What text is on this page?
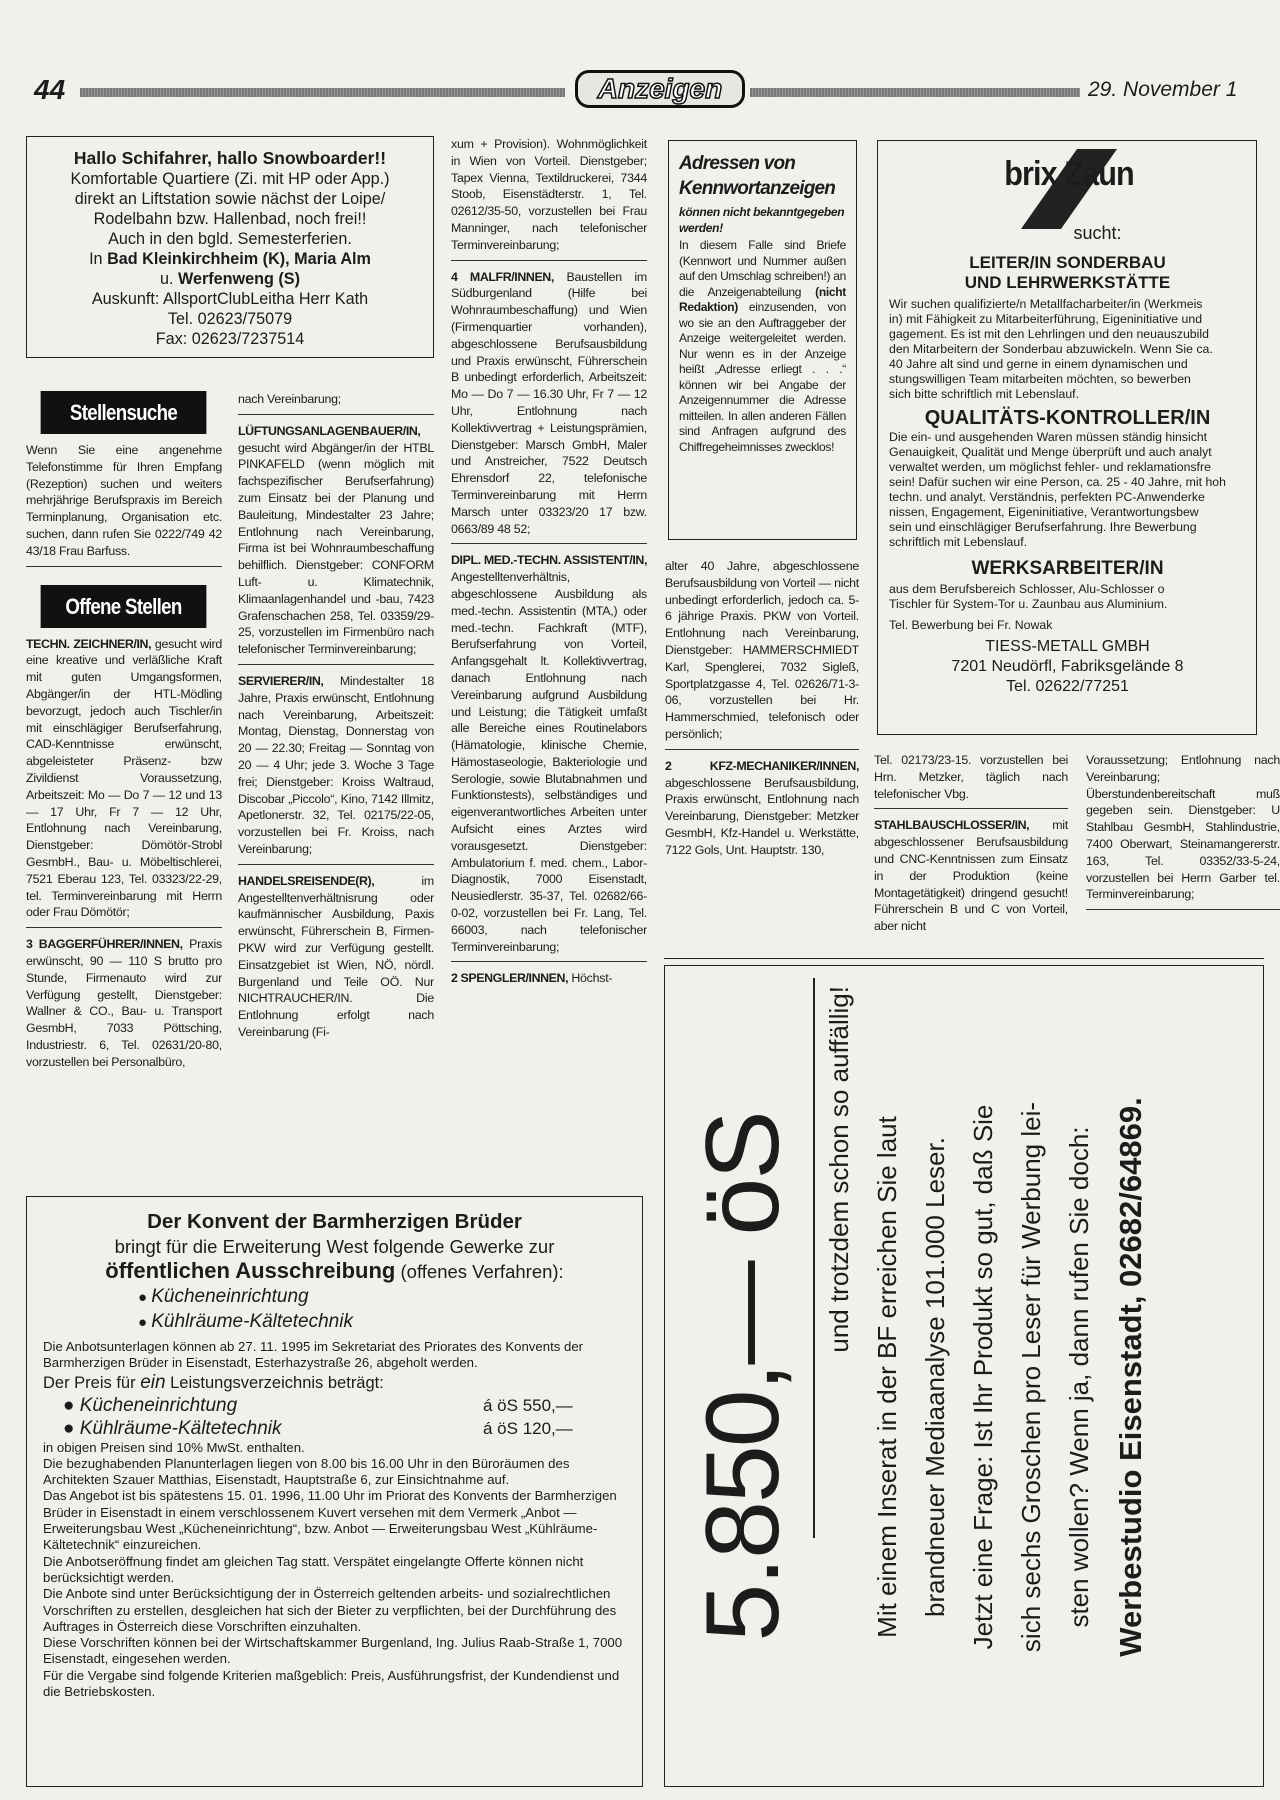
44	Anzeigen	29. November 1
Hallo Schifahrer, hallo Snowboarder!!
Komfortable Quartiere (Zi. mit HP oder App.)
direkt an Liftstation sowie nächst der Loipe/
Rodelbahn bzw. Hallenbad, noch frei!!
Auch in den bgld. Semesterferien.
In Bad Kleinkirchheim (K), Maria Alm
u. Werfenweng (S)
Auskunft: AllsportClubLeitha Herr Kath
Tel. 02623/75079
Fax: 02623/7237514
Stellensuche

Wenn Sie eine angenehme Telefonstimme für Ihren Empfang (Rezeption) suchen und weiters mehrjährige Berufspraxis im Bereich Terminplanung, Organisation etc. suchen, dann rufen Sie 0222/749 42 43/18 Frau Barfuss.

Offene Stellen

TECHN. ZEICHNER/IN, gesucht wird eine kreative und verläßliche Kraft mit guten Umgangsformen, Abgänger/in der HTL-Mödling bevorzugt, jedoch auch Tischler/in mit einschlägiger Berufserfahrung, CAD-Kenntnisse erwünscht, abgeleisteter Präsenz- bzw Zivildienst Voraussetzung, Arbeitszeit: Mo — Do 7 — 12 und 13 — 17 Uhr, Fr 7 — 12 Uhr, Entlohnung nach Vereinbarung, Dienstgeber: Dömötör-Strobl GesmbH., Bau- u. Möbeltischlerei, 7521 Eberau 123, Tel. 03323/22-29, tel. Terminvereinbarung mit Herrn oder Frau Dömötör;

3 BAGGERFÜHRER/INNEN, Praxis erwünscht, 90 — 110 S brutto pro Stunde, Firmenauto wird zur Verfügung gestellt, Dienstgeber: Wallner & CO., Bau- u. Transport GesmbH, 7033 Pöttsching, Industriestr. 6, Tel. 02631/20-80, vorzustellen bei Personalbüro,

nach Vereinbarung;

LÜFTUNGSANLAGENBAUER/IN, gesucht wird Abgänger/in der HTBL PINKAFELD (wenn möglich mit fachspezifischer Berufserfahrung) zum Einsatz bei der Planung und Bauleitung, Mindestalter 23 Jahre; Entlohnung nach Vereinbarung, Firma ist bei Wohnraumbeschaffung behilflich. Dienstgeber: CONFORM Luft- u. Klimatechnik, Klimaanlagenhandel und -bau, 7423 Grafenschachen 258, Tel. 03359/29-25, vorzustellen im Firmenbüro nach telefonischer Terminvereinbarung;

SERVIERER/IN, Mindestalter 18 Jahre, Praxis erwünscht, Entlohnung nach Vereinbarung, Arbeitszeit: Montag, Dienstag, Donnerstag von 20 — 22.30; Freitag — Sonntag von 20 — 4 Uhr; jede 3. Woche 3 Tage frei; Dienstgeber: Kroiss Waltraud, Discobar „Piccolo“, Kino, 7142 Illmitz, Apetlonerstr. 32, Tel. 02175/22-05, vorzustellen bei Fr. Kroiss, nach Vereinbarung;

HANDELSREISENDE(R),	im Angestelltenverhältnisrung oder kaufmännischer Ausbildung, Paxis erwünscht, Führerschein B, Firmen-PKW wird zur Verfügung gestellt. Einsatzgebiet ist Wien, NÖ, nördl. Burgenland und Teile OÖ. Nur NICHTRAUCHER/IN. Die Entlohnung erfolgt nach Vereinbarung (Fi-

xum + Provision). Wohnmöglichkeit in Wien von Vorteil. Dienstgeber; Tapex Vienna, Textildruckerei, 7344 Stoob, Eisenstädterstr. 1, Tel. 02612/35-50, vorzustellen bei Frau Manninger, nach telefonischer Terminvereinbarung;

4 MALFR/INNEN, Baustellen im Südburgenland (Hilfe bei Wohnraumbeschaffung) und Wien (Firmenquartier vorhanden), abgeschlossene Berufsausbildung und Praxis erwünscht, Führerschein B unbedingt erforderlich, Arbeitszeit: Mo — Do 7 — 16.30 Uhr, Fr 7 — 12 Uhr, Entlohnung nach Kollektivvertrag + Leistungsprämien, Dienstgeber: Marsch GmbH, Maler und Anstreicher, 7522 Deutsch Ehrensdorf 22, telefonische Terminvereinbarung mit Herrn Marsch unter 03323/20 17 bzw. 0663/89 48 52;

DIPL. MED.-TECHN. ASSISTENT/IN, Angestelltenverhältnis, abgeschlossene Ausbildung als med.-techn. Assistentin (MTA,) oder med.-techn. Fachkraft (MTF), Berufserfahrung von Vorteil, Anfangsgehalt lt. Kollektivvertrag, danach Entlohnung nach Vereinbarung aufgrund Ausbildung und Leistung; die Tätigkeit umfaßt alle Bereiche eines Routinelabors (Hämatologie, klinische Chemie, Hämostaseologie, Bakteriologie und Serologie, sowie Blutabnahmen und Funktionstests), selbständiges und eigenverantwortliches Arbeiten unter Aufsicht eines Arztes wird vorausgesetzt. Dienstgeber: Ambulatorium f. med. chem., Labor-Diagnostik, 7000 Eisenstadt, Neusiedlerstr. 35-37, Tel. 02682/66-0-02, vorzustellen bei Fr. Lang, Tel. 66003, nach telefonischer Terminvereinbarung;

2 SPENGLER/INNEN, Höchst-

Adressen von Kennwortanzeigen
können nicht bekanntgegeben werden!
In diesem Falle sind Briefe (Kennwort und Nummer außen auf den Umschlag schreiben!) an die Anzeigenabteilung (nicht Redaktion) einzusenden, von wo sie an den Auftraggeber der Anzeige weitergeleitet werden. Nur wenn es in der Anzeige heißt „Adresse erliegt . . .“ können wir bei Angabe der Anzeigennummer die Adresse mitteilen. In allen anderen Fällen sind Anfragen aufgrund des Chiffregeheimnisses zwecklos!

alter 40 Jahre, abgeschlossene Berufsausbildung von Vorteil — nicht unbedingt erforderlich, jedoch ca. 5-6 jährige Praxis. PKW von Vorteil. Entlohnung nach Vereinbarung, Dienstgeber: HAMMERSCHMIEDT Karl, Spenglerei, 7032 Sigleß, Sportplatzgasse 4, Tel. 02626/71-3-06, vorzustellen bei Hr. Hammerschmied, telefonisch oder persönlich;

2 KFZ-MECHANIKER/INNEN, abgeschlossene Berufsausbildung, Praxis erwünscht, Entlohnung nach Vereinbarung, Dienstgeber: Metzker GesmbH, Kfz-Handel u. Werkstätte, 7122 Gols, Unt. Hauptstr. 130,

brix Zaun
sucht:
LEITER/IN SONDERBAU UND LEHRWERKSTÄTTE
Wir suchen qualifizierte/n Metallfacharbeiter/in (Werkmeis
in) mit Fähigkeit zu Mitarbeiterführung, Eigeninitiative und
gagement. Es ist mit den Lehrlingen und den neuauszubild
den Mitarbeitern der Sonderbau abzuwickeln. Wenn Sie ca.
40 Jahre alt sind und gerne in einem dynamischen und
stungswilligen Team mitarbeiten möchten, so bewerben
sich bitte schriftlich mit Lebenslauf.
QUALITÄTS-KONTROLLER/IN
Die ein- und ausgehenden Waren müssen ständig hinsicht
Genauigkeit, Qualität und Menge überprüft und auch analyt
verwaltet werden, um möglichst fehler- und reklamationsfre
sein! Dafür suchen wir eine Person, ca. 25 - 40 Jahre, mit hoh
techn. und analyt. Verständnis, perfekten PC-Anwenderke
nissen, Engagement, Eigeninitiative, Verantwortungsbew
sein und einschlägiger Berufserfahrung. Ihre Bewerbung
schriftlich mit Lebenslauf.
WERKSARBEITER/IN
aus dem Berufsbereich Schlosser, Alu-Schlosser o
Tischler für System-Tor u. Zaunbau aus Aluminium.
Tel. Bewerbung bei Fr. Nowak
TIESS-METALL GMBH
7201 Neudörfl, Fabriksgelände 8
Tel. 02622/77251

Tel. 02173/23-15. vorzustellen bei Hrn. Metzker, täglich nach telefonischer Vbg.

STAHLBAUSCHLOSSER/IN, mit abgeschlossener Berufsausbildung und CNC-Kenntnissen zum Einsatz in der Produktion (keine Montagetätigkeit) dringend gesucht! Führerschein B und C von Vorteil, aber nicht

Voraussetzung; Entlohnung nach Vereinbarung; Überstundenbereitschaft muß gegeben sein. Dienstgeber: U Stahlbau GesmbH, Stahlindustrie, 7400 Oberwart, Steinamangererstr. 163, Tel. 03352/33-5-24, vorzustellen bei Herrn Garber tel. Terminvereinbarung;

Der Konvent der Barmherzigen Brüder
bringt für die Erweiterung West folgende Gewerke zur
öffentlichen Ausschreibung (offenes Verfahren):
● Kücheneinrichtung
● Kühlräume-Kältetechnik
Die Anbotsunterlagen können ab 27. 11. 1995 im Sekretariat des Priorates des Konvents der Barmherzigen Brüder in Eisenstadt, Esterhazystraße 26, abgeholt werden.
Der Preis für ein Leistungsverzeichnis beträgt:
● Kücheneinrichtung	á öS 550,—
● Kühlräume-Kältetechnik	á öS 120,—
in obigen Preisen sind 10% MwSt. enthalten.
Die bezughabenden Planunterlagen liegen von 8.00 bis 16.00 Uhr in den Büroräumen des Architekten Szauer Matthias, Eisenstadt, Hauptstraße 6, zur Einsichtnahme auf.
Das Angebot ist bis spätestens 15. 01. 1996, 11.00 Uhr im Priorat des Konvents der Barmherzigen Brüder in Eisenstadt in einem verschlossenem Kuvert versehen mit dem Vermerk „Anbot — Erweiterungsbau West „Kücheneinrichtung“, bzw. Anbot — Erweiterungsbau West „Kühlräume-Kältetechnik“ einzureichen.
Die Anbotseröffnung findet am gleichen Tag statt. Verspätet eingelangte Offerte können nicht berücksichtigt werden.
Die Anbote sind unter Berücksichtigung der in Österreich geltenden arbeits- und sozialrechtlichen Vorschriften zu erstellen, desgleichen hat sich der Bieter zu verpflichten, bei der Durchführung des Auftrages in Österreich diese Vorschriften einzuhalten.
Diese Vorschriften können bei der Wirtschaftskammer Burgenland, Ing. Julius Raab-Straße 1, 7000 Eisenstadt, eingesehen werden.
Für die Vergabe sind folgende Kriterien maßgeblich: Preis, Ausführungsfrist, der Kundendienst und die Betriebskosten.
5.850,— öS und trotzdem schon so auffällig! Mit einem Inserat in der BF erreichen Sie laut brandneuer Mediaanalyse 101.000 Leser. Jetzt eine Frage: Ist Ihr Produkt so gut, daß Sie sich sechs Groschen pro Leser für Werbung lei- sten wollen? Wenn ja, dann rufen Sie doch: Werbestudio Eisenstadt, 02682/64869.
